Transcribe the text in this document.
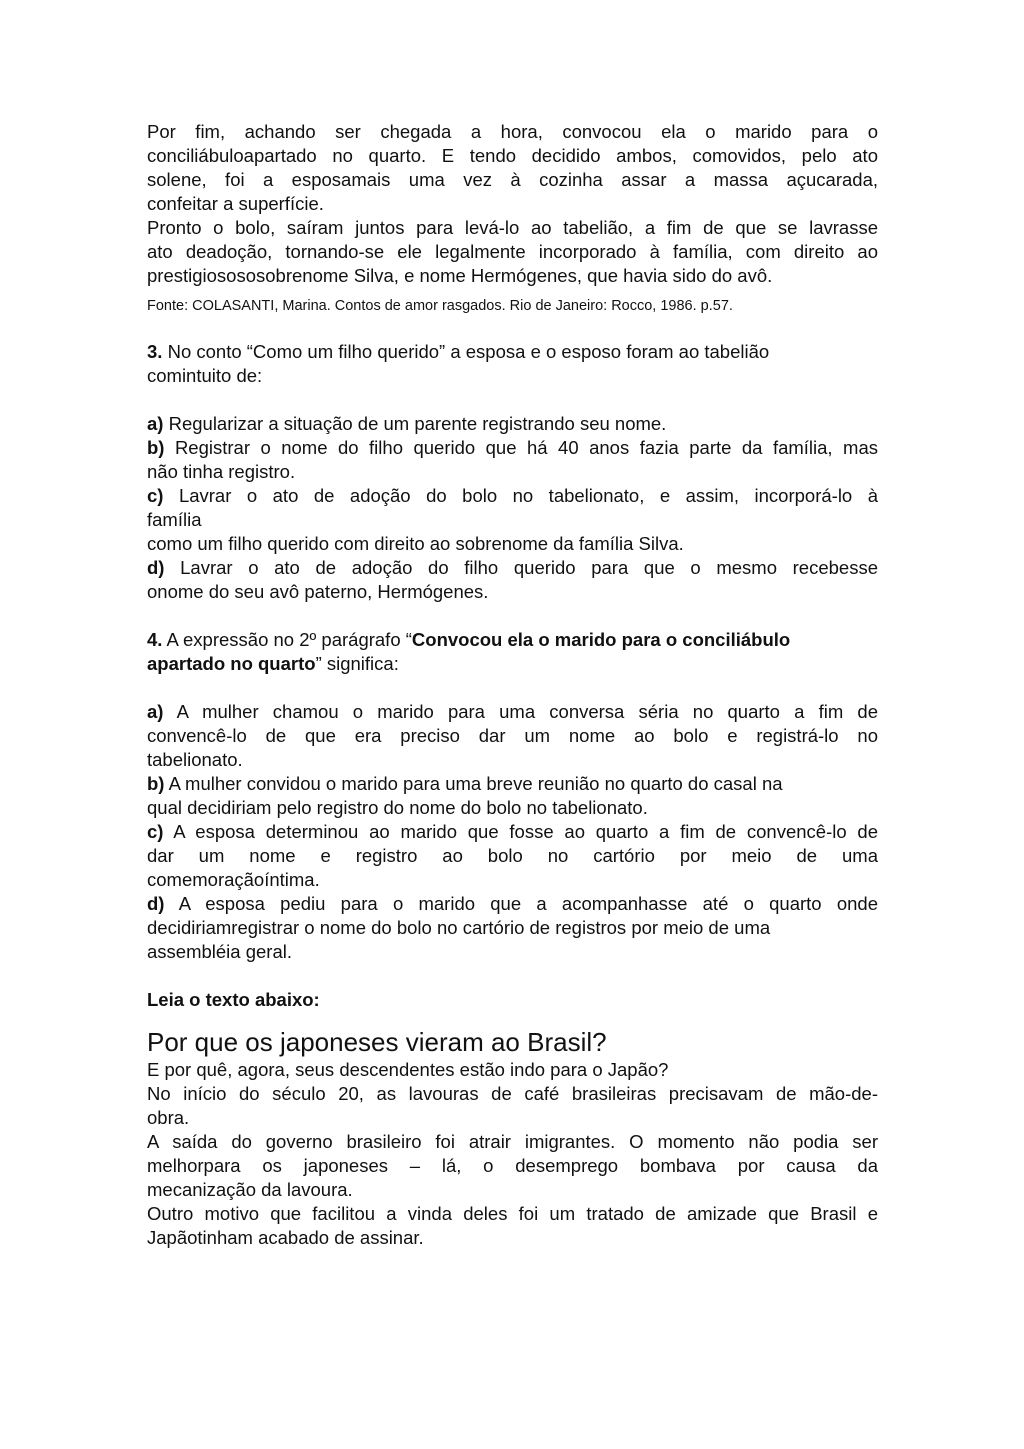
Por fim, achando ser chegada a hora, convocou ela o marido para o

conciliábuloapartado no quarto. E tendo decidido ambos, comovidos, pelo ato

solene, foi a esposamais uma vez à cozinha assar a massa açucarada,

confeitar a superfície.

Pronto o bolo, saíram juntos para levá-lo ao tabelião, a fim de que se lavrasse

ato deadoção, tornando-se ele legalmente incorporado à família, com direito ao

prestigiosososobrenome Silva, e nome Hermógenes, que havia sido do avô.

Fonte: COLASANTI, Marina. Contos de amor rasgados. Rio de Janeiro: Rocco, 1986. p.57.

3. No conto “Como um filho querido” a esposa e o esposo foram ao tabelião

comintuito de:

a) Regularizar a situação de um parente registrando seu nome.

b) Registrar o nome do filho querido que há 40 anos fazia parte da família, mas

não tinha registro.

c) Lavrar o ato de adoção do bolo no tabelionato, e assim, incorporá-lo à

família

como um filho querido com direito ao sobrenome da família Silva.

d) Lavrar o ato de adoção do filho querido para que o mesmo recebesse

onome do seu avô paterno, Hermógenes.

4. A expressão no 2º parágrafo “Convocou ela o marido para o conciliábulo

apartado no quarto” significa:

a) A mulher chamou o marido para uma conversa séria no quarto a fim de

convencê-lo de que era preciso dar um nome ao bolo e registrá-lo no

tabelionato.

b) A mulher convidou o marido para uma breve reunião no quarto do casal na

qual decidiriam pelo registro do nome do bolo no tabelionato.

c) A esposa determinou ao marido que fosse ao quarto a fim de convencê-lo de

dar um nome e registro ao bolo no cartório por meio de uma

comemoraçãoíntima.

d) A esposa pediu para o marido que a acompanhasse até o quarto onde

decidiriamregistrar o nome do bolo no cartório de registros por meio de uma

assembléia geral.

Leia o texto abaixo:

Por que os japoneses vieram ao Brasil?

E por quê, agora, seus descendentes estão indo para o Japão?

No início do século 20, as lavouras de café brasileiras precisavam de mão-de-

obra.

A saída do governo brasileiro foi atrair imigrantes. O momento não podia ser

melhorpara os japoneses – lá, o desemprego bombava por causa da

mecanização da lavoura.

Outro motivo que facilitou a vinda deles foi um tratado de amizade que Brasil e

Japãotinham acabado de assinar.
